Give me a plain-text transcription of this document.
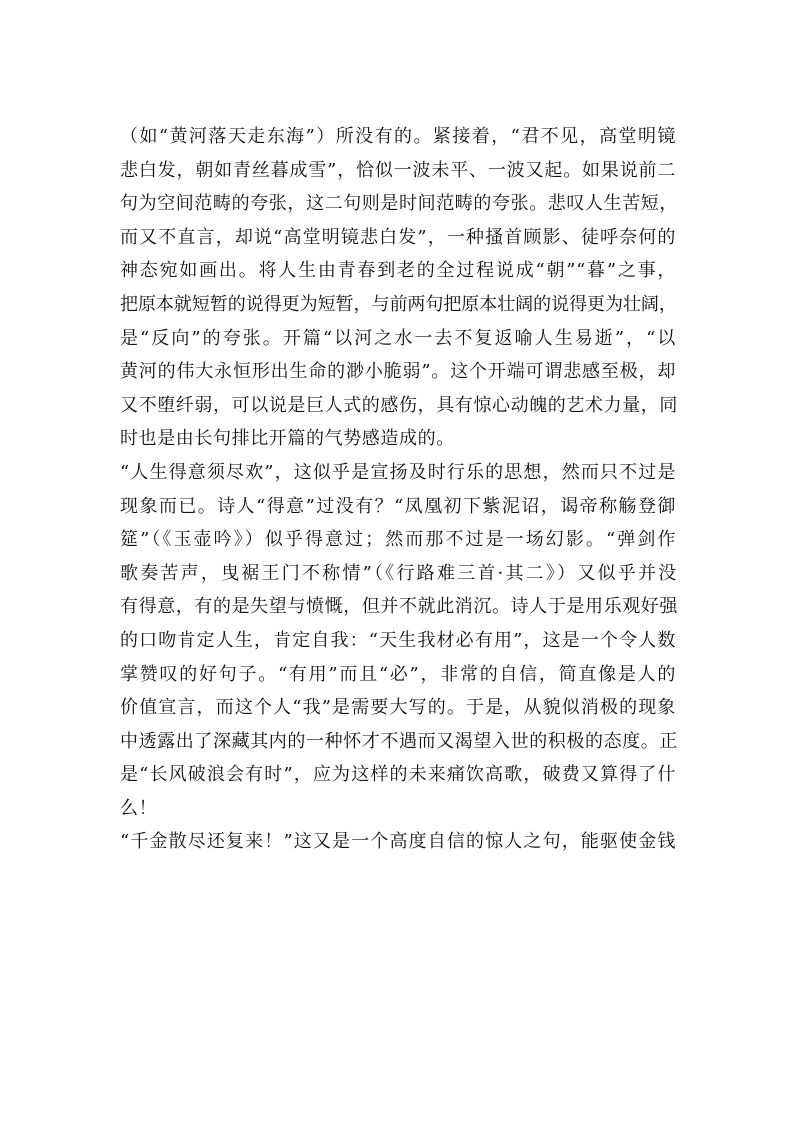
（如“黄河落天走东海”）所没有的。紧接着，“君不见，高堂明镜
悲白发，朝如青丝暮成雪”，恰似一波未平、一波又起。如果说前二
句为空间范畴的夸张，这二句则是时间范畴的夸张。悲叹人生苦短，
而又不直言，却说“高堂明镜悲白发”，一种搔首顾影、徒呼奈何的
神态宛如画出。将人生由青春到老的全过程说成“朝”“暮”之事，
把原本就短暂的说得更为短暂，与前两句把原本壮阔的说得更为壮阔，
是“反向”的夸张。开篇“以河之水一去不复返喻人生易逝”，“以
黄河的伟大永恒形出生命的渺小脆弱”。这个开端可谓悲感至极，却
又不堕纤弱，可以说是巨人式的感伤，具有惊心动魄的艺术力量，同
时也是由长句排比开篇的气势感造成的。

“人生得意须尽欢”，这似乎是宣扬及时行乐的思想，然而只不过是
现象而已。诗人“得意”过没有？“凤凰初下紫泥诏，谒帝称觞登御
筵”（《玉壶吟》）似乎得意过；然而那不过是一场幻影。“弹剑作
歌奏苦声，曳裾王门不称情”（《行路难三首·其二》）又似乎并没
有得意，有的是失望与愤慨，但并不就此消沉。诗人于是用乐观好强
的口吻肯定人生，肯定自我：“天生我材必有用”，这是一个令人数
掌赞叹的好句子。“有用”而且“必”，非常的自信，简直像是人的
价值宣言，而这个人“我”是需要大写的。于是，从貌似消极的现象
中透露出了深藏其内的一种怀才不遇而又渴望入世的积极的态度。正
是“长风破浪会有时”，应为这样的未来痛饮高歌，破费又算得了什
么！

“千金散尽还复来！”这又是一个高度自信的惊人之句，能驱使金钱
